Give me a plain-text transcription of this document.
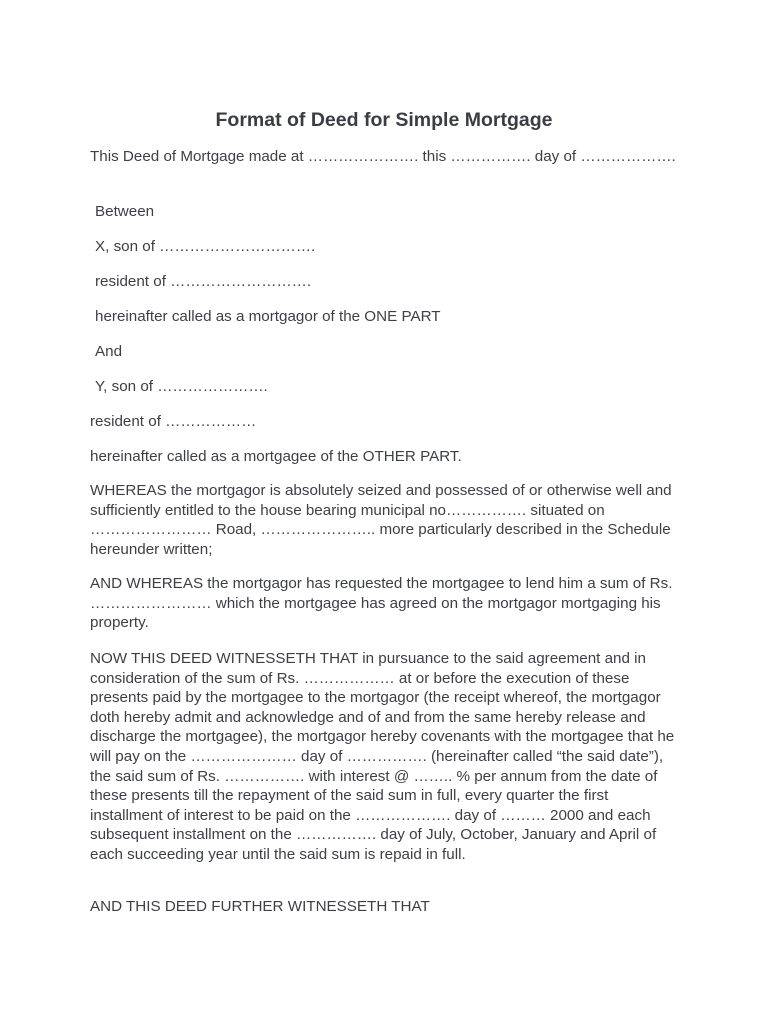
Format of Deed for Simple Mortgage

This Deed of Mortgage made at …………………. this ……………. day of ……………….

Between

X, son of ………………………….

resident of ……………………….

hereinafter called as a mortgagor of the ONE PART

And

Y, son of ………………….

resident of ………………

hereinafter called as a mortgagee of the OTHER PART.

WHEREAS the mortgagor is absolutely seized and possessed of or otherwise well and sufficiently entitled to the house bearing municipal no……………. situated on …………………… Road, ………………….. more particularly described in the Schedule hereunder written;

AND WHEREAS the mortgagor has requested the mortgagee to lend him a sum of Rs. …………………… which the mortgagee has agreed on the mortgagor mortgaging his property.

NOW THIS DEED WITNESSETH THAT in pursuance to the said agreement and in consideration of the sum of Rs. ……………… at or before the execution of these presents paid by the mortgagee to the mortgagor (the receipt whereof, the mortgagor doth hereby admit and acknowledge and of and from the same hereby release and discharge the mortgagee), the mortgagor hereby covenants with the mortgagee that he will pay on the ………………… day of ……………. (hereinafter called “the said date”), the said sum of Rs. ……………. with interest @ …….. % per annum from the date of these presents till the repayment of the said sum in full, every quarter the first installment of interest to be paid on the ………………. day of ……… 2000 and each subsequent installment on the ……………. day of July, October, January and April of each succeeding year until the said sum is repaid in full.

AND THIS DEED FURTHER WITNESSETH THAT
